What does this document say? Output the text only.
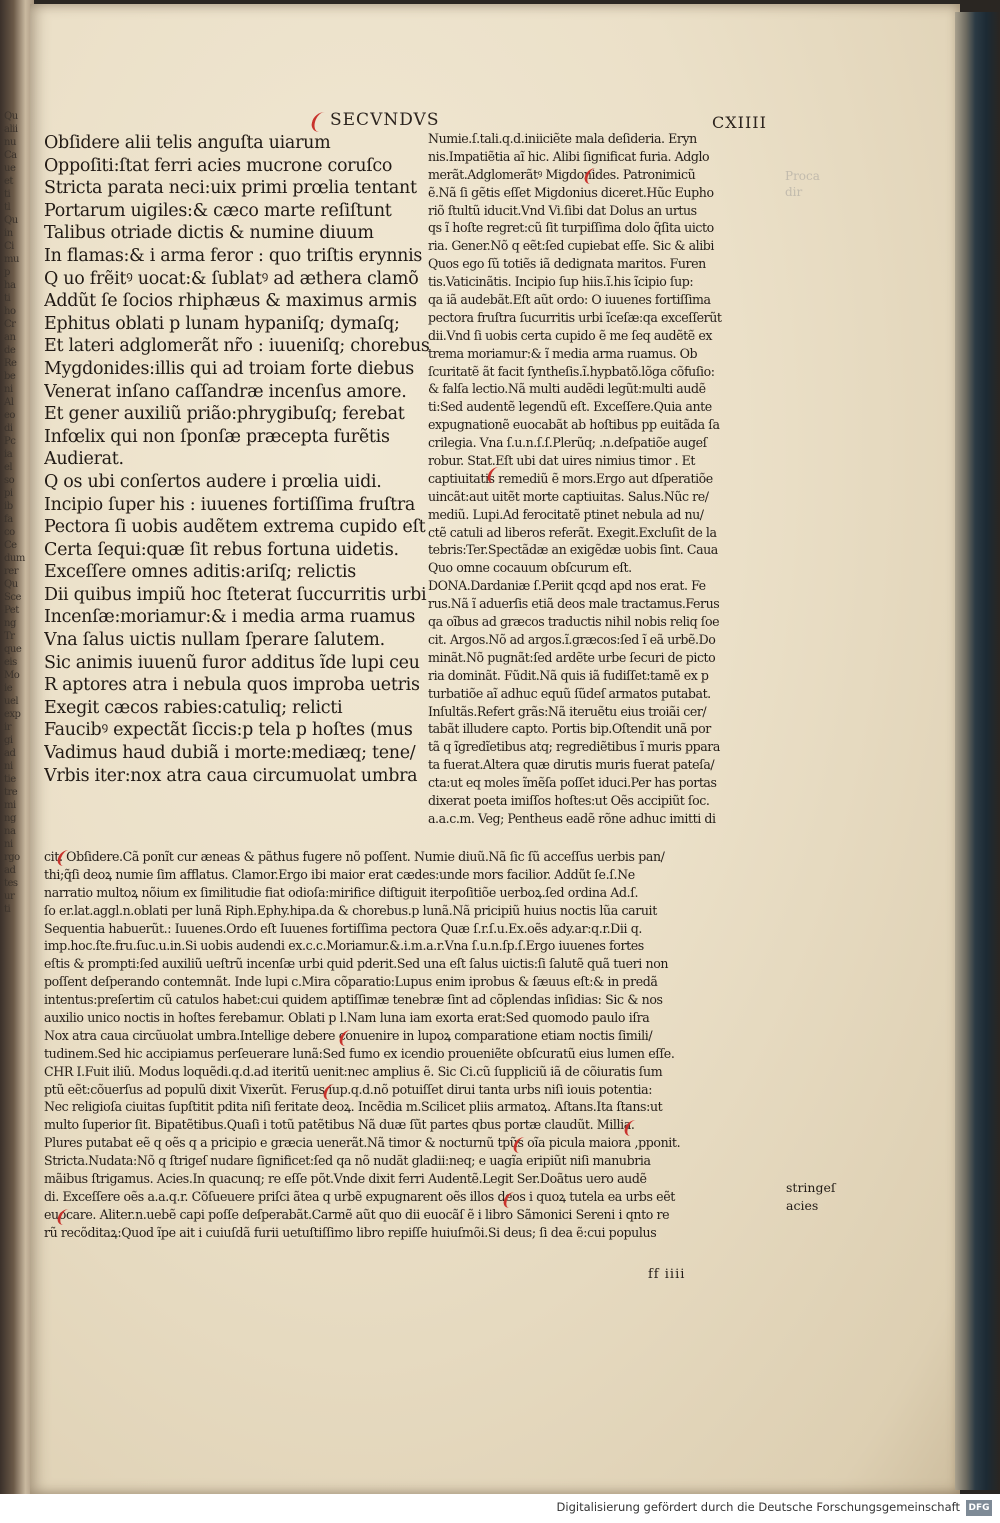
Qu
alii
nu
Ca
ue
et
ti
tl
Qu
in
Ci
mu
p
ha
ti
ho
Cr
an
de
Re
be
ni
Al
eo
di
Pc
ia
el
so
pi
ib
fa
co
Ce
dum
rer
Qu
Sce
Pet
ng
Tr
que
eis
Mo
ie
uel
exp
ir
gi
ad
ni
tie
tre
mi
ng
na
ni
rgo
ad
tes
ur
ti
SECVNDVS	CXIIII
Obſidere alii telis anguſta uiarum
Oppoſiti:ſtat ferri acies mucrone coruſco
Stricta parata neci:uix primi prœlia tentant
Portarum uigiles:& cæco marte reſiſtunt
Talibus otriade dictis & numine diuum
In flamas:& i arma feror : quo triſtis erynnis
Q uo frẽitꝰ uocat:& ſublatꝰ ad æthera clamõ
Addũt ſe ſocios rhiphæus & maximus armis
Ephitus oblati p lunam hypaniſq; dymaſq;
Et lateri adglomerãt nr̃o : iuueniſq; chorebus
Mygdonides:illis qui ad troiam forte diebus
Venerat inſano caſſandræ incenſus amore.
Et gener auxiliũ prião:phrygibuſq; ferebat
Infœlix qui non ſponſæ præcepta furẽtis
Audierat.
Q os ubi conſertos audere i prœlia uidi.
Incipio ſuper his : iuuenes fortiſſima fruſtra
Pectora ſi uobis audẽtem extrema cupido eſt
Certa ſequi:quæ ſit rebus fortuna uidetis.
Exceſſere omnes aditis:ariſq; relictis
Dii quibus impiũ hoc ſteterat ſuccurritis urbi
Incenſæ:moriamur:& i media arma ruamus
Vna ſalus uictis nullam ſperare ſalutem.
Sic animis iuuenũ furor additus ĩde lupi ceu
R aptores atra i nebula quos improba uetris
Exegit cæcos rabies:catuliq; relicti
Faucibꝰ expectãt ſiccis:p tela p hoſtes (mus
Vadimus haud dubiã i morte:mediæq; tene/
Vrbis iter:nox atra caua circumuolat umbra
Numie.ſ.tali.q.d.iniiciẽte mala deſideria. Eryn
nis.Impatiẽtia aĩ hic. Alibi ſignificat furia. Adglo
merãt.Adglomerãtꝰ Migdonides. Patronimicũ
ẽ.Nã ſi gẽtis eſſet Migdonius diceret.Hũc Eupho
riõ ſtultũ iducit.Vnd Vi.ſibi dat Dolus an urtus
qs ĩ hoſte regret:cũ ſit turpiſſima dolo q̃ſita uicto
ria. Gener.Nõ q eẽt:ſed cupiebat eſſe. Sic & alibi
Quos ego ſũ totiẽs iã dedignata maritos. Furen
tis.Vaticinãtis. Incipio ſup hiis.ĩ.his ĩcipio ſup:
qa iã audebãt.Eſt aũt ordo: O iuuenes fortiſſima
pectora fruſtra ſucurritis urbi ĩceſæ:qa exceſſerũt
dii.Vnd ſi uobis certa cupido ẽ me ſeq audẽtẽ ex
trema moriamur:& ĩ media arma ruamus. Ob
ſcuritatẽ ãt facit ſyntheſis.ĩ.hypbatõ.lõga cõfuſio:
& falſa lectio.Nã multi audẽdi legũt:multi audẽ
ti:Sed audentẽ legendũ eſt. Exceſſere.Quia ante
expugnationẽ euocabãt ab hoſtibus pp euitãda ſa
crilegia. Vna ſ.u.n.ſ.ſ.Plerũq; .n.deſpatiõe augeſ
robur. Stat.Eſt ubi dat uires nimius timor . Et
captiuitatis remediũ ẽ mors.Ergo aut dſperatiõe
uincãt:aut uitẽt morte captiuitas. Salus.Nũc re/
mediũ. Lupi.Ad ferocitatẽ ptinet nebula ad nu/
ctẽ catuli ad liberos referãt. Exegit.Excluſit de la
tebris:Ter.Spectãdæ an exigẽdæ uobis ſint. Caua
Quo omne cocauum obſcurum eſt.
DONA.Dardaniæ ſ.Periit qcqd apd nos erat. Fe
rus.Nã ĩ aduerſis etiã deos male tractamus.Ferus
qa oĩbus ad græcos traductis nihil nobis reliq ſoe
cit. Argos.Nõ ad argos.ĩ.græcos:ſed ĩ eã urbẽ.Do
minãt.Nõ pugnãt:ſed ardẽte urbe ſecuri de picto
ria dominãt. Fũdit.Nã quis iã fudiſſet:tamẽ ex p
turbatiõe aĩ adhuc equũ ſũdeſ armatos putabat.
Inſultãs.Refert grãs:Nã iteruẽtu eius troiãi cer/
tabãt illudere capto. Portis bip.Oſtendit unã por
tã q ĩgredĩetibus atq; regrediẽtibus ĩ muris ppara
ta fuerat.Altera quæ dirutis muris fuerat pateſa/
cta:ut eq moles ĩmẽſa poſſet iduci.Per has portas
dixerat poeta imiſſos hoſtes:ut Oẽs accipiũt ſoc.
a.a.c.m. Veg; Pentheus eadẽ rõne adhuc imitti di
cit. Obſidere.Cã ponĩt cur æneas & pãthus fugere nõ poſſent. Numie diuũ.Nã ſic ſũ acceſſus uerbis pan/
thi;q̃ſi deoꝝ numie ſim afflatus. Clamor.Ergo ibi maior erat cædes:unde mors facilior. Addũt ſe.ſ.Ne
narratio multoꝝ nõium ex ſimilitudie fiat odioſa:mirifice diſtiguit iterpoſitiõe uerboꝝ.ſed ordina Ad.ſ.
ſo er.lat.aggl.n.oblati per lunã Riph.Ephy.hipa.da & chorebus.p lunã.Nã pricipiũ huius noctis lũa caruit
Sequentia habuerũt.: Iuuenes.Ordo eſt Iuuenes fortiſſima pectora Quæ ſ.r.ſ.u.Ex.oẽs ady.ar:q.r.Dii q.
imp.hoc.ſte.fru.ſuc.u.in.Si uobis audendi ex.c.c.Moriamur.&.i.m.a.r.Vna ſ.u.n.ſp.ſ.Ergo iuuenes fortes
eſtis & prompti:ſed auxiliũ ueſtrũ incenſæ urbi quid pderit.Sed una eſt ſalus uictis:ſi ſalutẽ quã tueri non
poſſent deſperando contemnãt. Inde lupi c.Mira cõparatio:Lupus enim iprobus & ſæuus eſt:& in predã
intentus:preſertim cũ catulos habet:cui quidem aptiſſimæ tenebræ ſint ad cõplendas inſidias: Sic & nos
auxilio unico noctis in hoſtes ferebamur. Oblati p l.Nam luna iam exorta erat:Sed quomodo paulo iſra
Nox atra caua circũuolat umbra.Intellige debere conuenire in lupoꝝ comparatione etiam noctis ſimili/
tudinem.Sed hic accipiamus perſeuerare lunã:Sed fumo ex icendio proueniẽte obſcuratũ eius lumen eſſe.
CHR I.Fuit iliũ. Modus loquẽdi.q.d.ad iteritũ uenit:nec amplius ẽ. Sic Ci.cũ ſuppliciũ iã de cõiuratis ſum
ptũ eẽt:cõuerſus ad populũ dixit Vixerũt. Ferus iup.q.d.nõ potuiſſet dirui tanta urbs niſi iouis potentia:
Nec religioſa ciuitas ſupſtitit pdita niſi feritate deoꝝ. Incẽdia m.Scilicet pliis armatoꝝ. Aſtans.Ita ſtans:ut
multo ſuperior ſit. Bipatẽtibus.Quaſi i totũ patẽtibus Nã duæ ſũt partes qbus portæ claudũt. Millia.
Plures putabat eẽ q oẽs q a pricipio e græcia uenerãt.Nã timor & nocturnũ tpũs oĩa picula maiora ,pponit.
Stricta.Nudata:Nõ q ſtrigeſ nudare ſignificet:ſed qa nõ nudãt gladii:neq; e uagĩa eripiũt niſi manubria
mãibus ſtrigamus. Acies.In quacunq; re eſſe põt.Vnde dixit ferri Audentẽ.Legit Ser.Doãtus uero audẽ
di. Exceſſere oẽs a.a.q.r. Cõſueuere priſci ãtea q urbẽ expugnarent oẽs illos deos i quoꝝ tutela ea urbs eẽt
euocare. Aliter.n.uebẽ capi poſſe deſperabãt.Carmẽ aũt quo dii euocãſ ẽ i libro Sãmonici Sereni i qnto re
rũ recõditaꝝ:Quod ĩpe ait i cuiuſdã furii uetuſtiſſimo libro repiſſe huiuſmõi.Si deus; ſi dea ẽ:cui populus
Proca
dir
stringeſ
acies
ff iiii
Digitalisierung gefördert durch die Deutsche Forschungsgemeinschaft DFG
